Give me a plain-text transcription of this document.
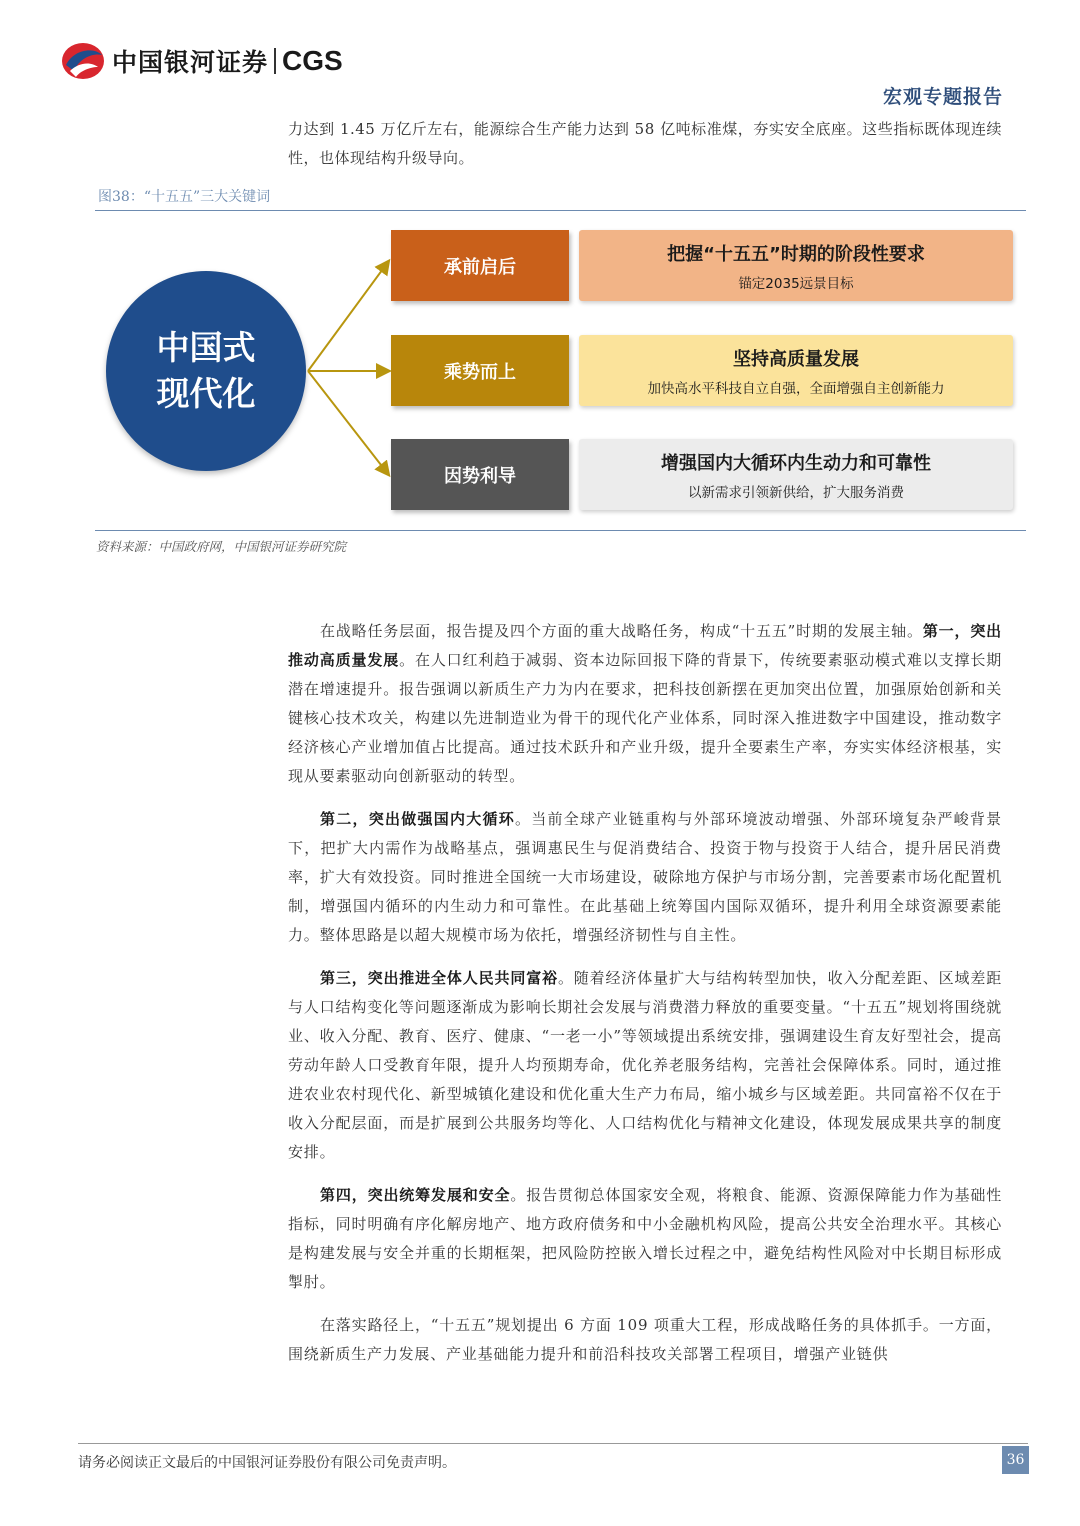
中国银河证券 CGS
宏观专题报告
力达到 1.45 万亿斤左右，能源综合生产能力达到 58 亿吨标准煤，夯实安全底座。这些指标既体现连续性，也体现结构升级导向。
图38：“十五五”三大关键词
中国式
现代化
承前启后
把握“十五五”时期的阶段性要求
锚定2035远景目标
乘势而上
坚持高质量发展
加快高水平科技自立自强，全面增强自主创新能力
因势利导
增强国内大循环内生动力和可靠性
以新需求引领新供给，扩大服务消费
资料来源：中国政府网，中国银河证券研究院

在战略任务层面，报告提及四个方面的重大战略任务，构成“十五五”时期的发展主轴。第一，突出推动高质量发展。在人口红利趋于减弱、资本边际回报下降的背景下，传统要素驱动模式难以支撑长期潜在增速提升。报告强调以新质生产力为内在要求，把科技创新摆在更加突出位置，加强原始创新和关键核心技术攻关，构建以先进制造业为骨干的现代化产业体系，同时深入推进数字中国建设，推动数字经济核心产业增加值占比提高。通过技术跃升和产业升级，提升全要素生产率，夯实实体经济根基，实现从要素驱动向创新驱动的转型。

第二，突出做强国内大循环。当前全球产业链重构与外部环境波动增强、外部环境复杂严峻背景下，把扩大内需作为战略基点，强调惠民生与促消费结合、投资于物与投资于人结合，提升居民消费率，扩大有效投资。同时推进全国统一大市场建设，破除地方保护与市场分割，完善要素市场化配置机制，增强国内循环的内生动力和可靠性。在此基础上统筹国内国际双循环，提升利用全球资源要素能力。整体思路是以超大规模市场为依托，增强经济韧性与自主性。

第三，突出推进全体人民共同富裕。随着经济体量扩大与结构转型加快，收入分配差距、区域差距与人口结构变化等问题逐渐成为影响长期社会发展与消费潜力释放的重要变量。“十五五”规划将围绕就业、收入分配、教育、医疗、健康、“一老一小”等领域提出系统安排，强调建设生育友好型社会，提高劳动年龄人口受教育年限，提升人均预期寿命，优化养老服务结构，完善社会保障体系。同时，通过推进农业农村现代化、新型城镇化建设和优化重大生产力布局，缩小城乡与区域差距。共同富裕不仅在于收入分配层面，而是扩展到公共服务均等化、人口结构优化与精神文化建设，体现发展成果共享的制度安排。

第四，突出统筹发展和安全。报告贯彻总体国家安全观，将粮食、能源、资源保障能力作为基础性指标，同时明确有序化解房地产、地方政府债务和中小金融机构风险，提高公共安全治理水平。其核心是构建发展与安全并重的长期框架，把风险防控嵌入增长过程之中，避免结构性风险对中长期目标形成掣肘。

在落实路径上，“十五五”规划提出 6 方面 109 项重大工程，形成战略任务的具体抓手。一方面，围绕新质生产力发展、产业基础能力提升和前沿科技攻关部署工程项目，增强产业链供

请务必阅读正文最后的中国银河证券股份有限公司免责声明。	36
